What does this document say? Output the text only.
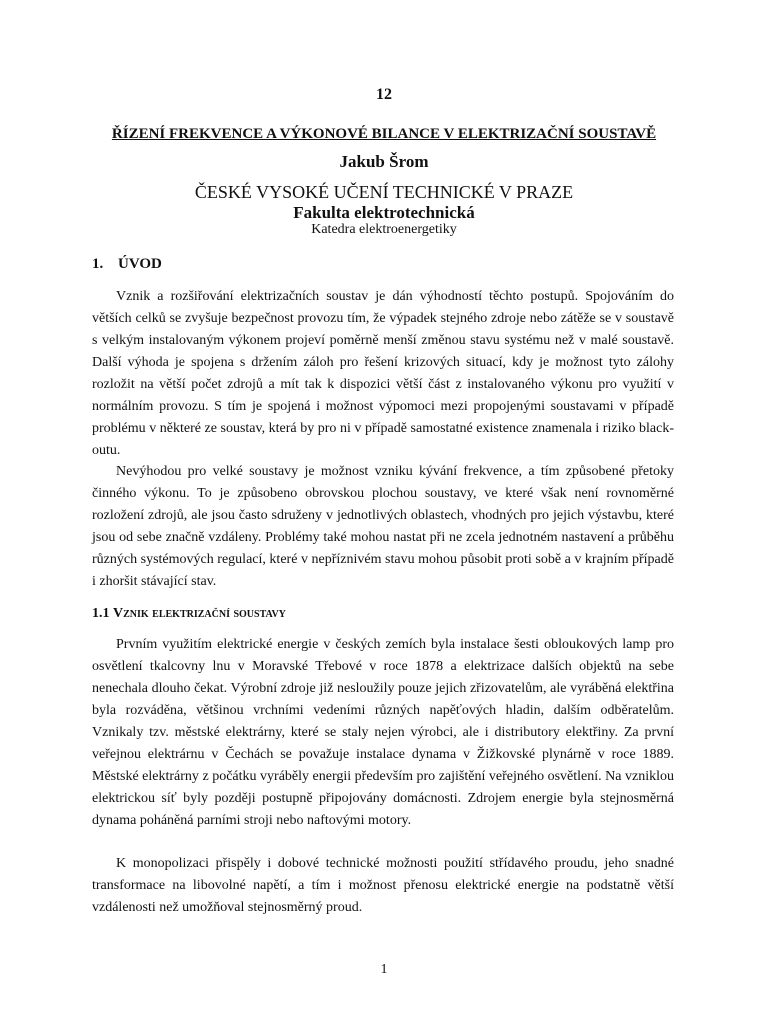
12
ŘÍZENÍ FREKVENCE A VÝKONOVÉ BILANCE V ELEKTRIZAČNÍ SOUSTAVĚ
Jakub Šrom
ČESKÉ VYSOKÉ UČENÍ TECHNICKÉ V PRAZE
Fakulta elektrotechnická
Katedra elektroenergetiky
1. ÚVOD

Vznik a rozšiřování elektrizačních soustav je dán výhodností těchto postupů. Spojováním do větších celků se zvyšuje bezpečnost provozu tím, že výpadek stejného zdroje nebo zátěže se v soustavě s velkým instalovaným výkonem projeví poměrně menší změnou stavu systému než v malé soustavě. Další výhoda je spojena s držením záloh pro řešení krizových situací, kdy je možnost tyto zálohy rozložit na větší počet zdrojů a mít tak k dispozici větší část z instalovaného výkonu pro využití v normálním provozu. S tím je spojená i možnost výpomoci mezi propojenými soustavami v případě problému v některé ze soustav, která by pro ni v případě samostatné existence znamenala i riziko black-outu.

Nevýhodou pro velké soustavy je možnost vzniku kývání frekvence, a tím způsobené přetoky činného výkonu. To je způsobeno obrovskou plochou soustavy, ve které však není rovnoměrné rozložení zdrojů, ale jsou často sdruženy v jednotlivých oblastech, vhodných pro jejich výstavbu, které jsou od sebe značně vzdáleny. Problémy také mohou nastat při ne zcela jednotném nastavení a průběhu různých systémových regulací, které v nepříznivém stavu mohou působit proti sobě a v krajním případě i zhoršit stávající stav.

1.1 Vznik elektrizační soustavy

Prvním využitím elektrické energie v českých zemích byla instalace šesti obloukových lamp pro osvětlení tkalcovny lnu v Moravské Třebové v roce 1878 a elektrizace dalších objektů na sebe nenechala dlouho čekat. Výrobní zdroje již nesloužily pouze jejich zřizovatelům, ale vyráběná elektřina byla rozváděna, většinou vrchními vedeními různých napěťových hladin, dalším odběratelům. Vznikaly tzv. městské elektrárny, které se staly nejen výrobci, ale i distributory elektřiny. Za první veřejnou elektrárnu v Čechách se považuje instalace dynama v Žižkovské plynárně v roce 1889. Městské elektrárny z počátku vyráběly energii především pro zajištění veřejného osvětlení. Na vzniklou elektrickou síť byly později postupně připojovány domácnosti. Zdrojem energie byla stejnosměrná dynama poháněná parními stroji nebo naftovými motory.

K monopolizaci přispěly i dobové technické možnosti použití střídavého proudu, jeho snadné transformace na libovolné napětí, a tím i možnost přenosu elektrické energie na podstatně větší vzdálenosti než umožňoval stejnosměrný proud.

1
